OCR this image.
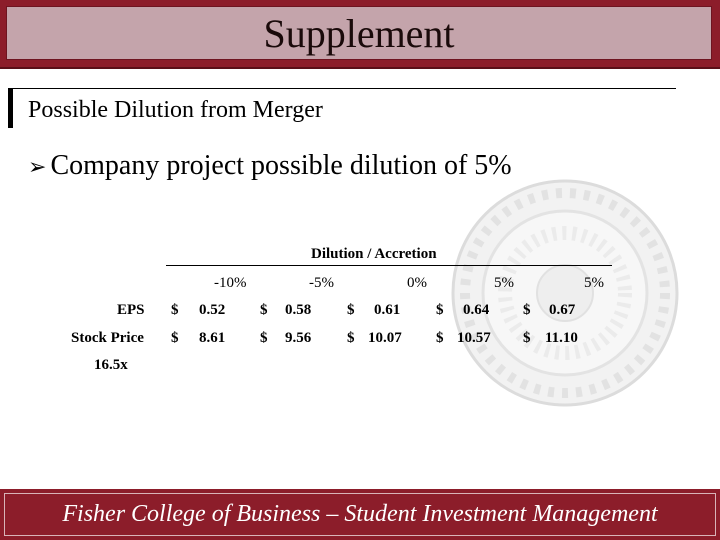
Supplement
Possible Dilution from Merger
➢ Company project possible dilution of 5%
Dilution / Accretion
-10%	-5%	0%	5%	5%
EPS $ 0.52 $ 0.58 $ 0.61 $ 0.64 $ 0.67
Stock Price $ 8.61 $ 9.56 $ 10.07 $ 10.57 $ 11.10
16.5x
Fisher College of Business – Student Investment Management
